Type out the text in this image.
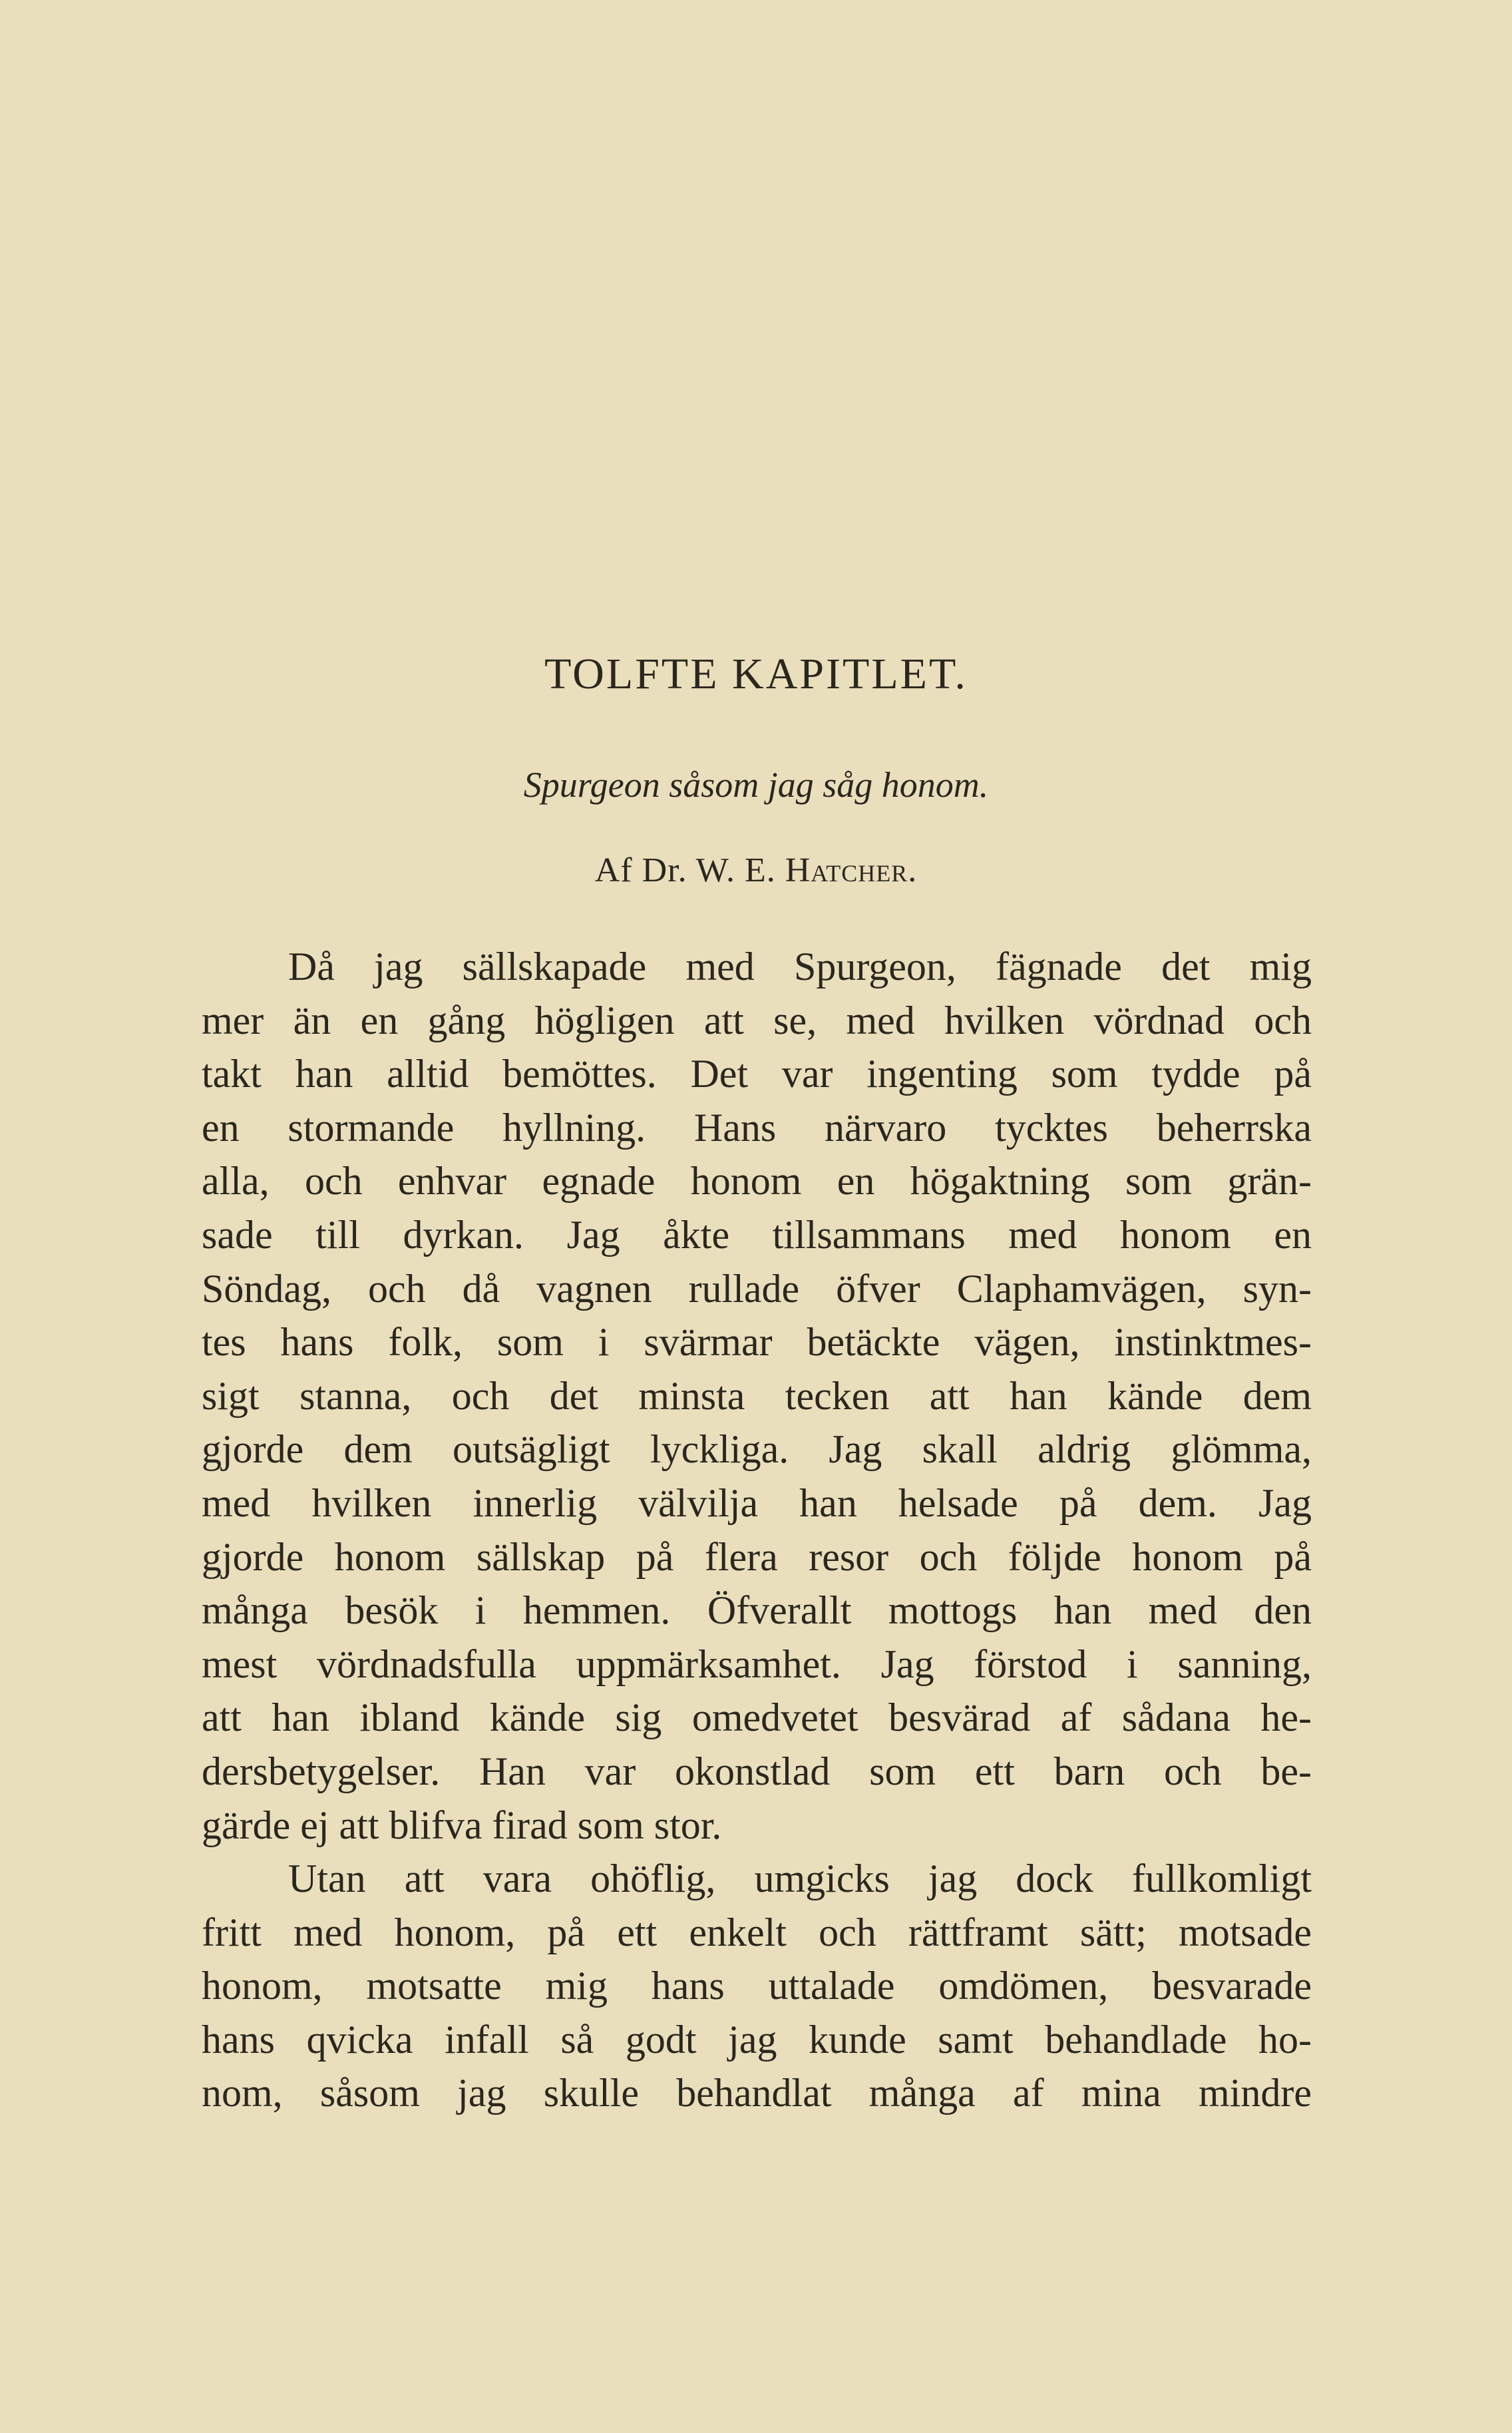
TOLFTE KAPITLET.

Spurgeon såsom jag såg honom.

Af Dr. W. E. Hatcher.

Då jag sällskapade med Spurgeon, fägnade det mig
mer än en gång högligen att se, med hvilken vördnad och
takt han alltid bemöttes. Det var ingenting som tydde på
en stormande hyllning. Hans närvaro tycktes beherrska
alla, och enhvar egnade honom en högaktning som grän-
sade till dyrkan. Jag åkte tillsammans med honom en
Söndag, och då vagnen rullade öfver Claphamvägen, syn-
tes hans folk, som i svärmar betäckte vägen, instinktmes-
sigt stanna, och det minsta tecken att han kände dem
gjorde dem outsägligt lyckliga. Jag skall aldrig glömma,
med hvilken innerlig välvilja han helsade på dem. Jag
gjorde honom sällskap på flera resor och följde honom på
många besök i hemmen. Öfverallt mottogs han med den
mest vördnadsfulla uppmärksamhet. Jag förstod i sanning,
att han ibland kände sig omedvetet besvärad af sådana he-
dersbetygelser. Han var okonstlad som ett barn och be-
gärde ej att blifva firad som stor.
Utan att vara ohöflig, umgicks jag dock fullkomligt
fritt med honom, på ett enkelt och rättframt sätt; motsade
honom, motsatte mig hans uttalade omdömen, besvarade
hans qvicka infall så godt jag kunde samt behandlade ho-
nom, såsom jag skulle behandlat många af mina mindre
